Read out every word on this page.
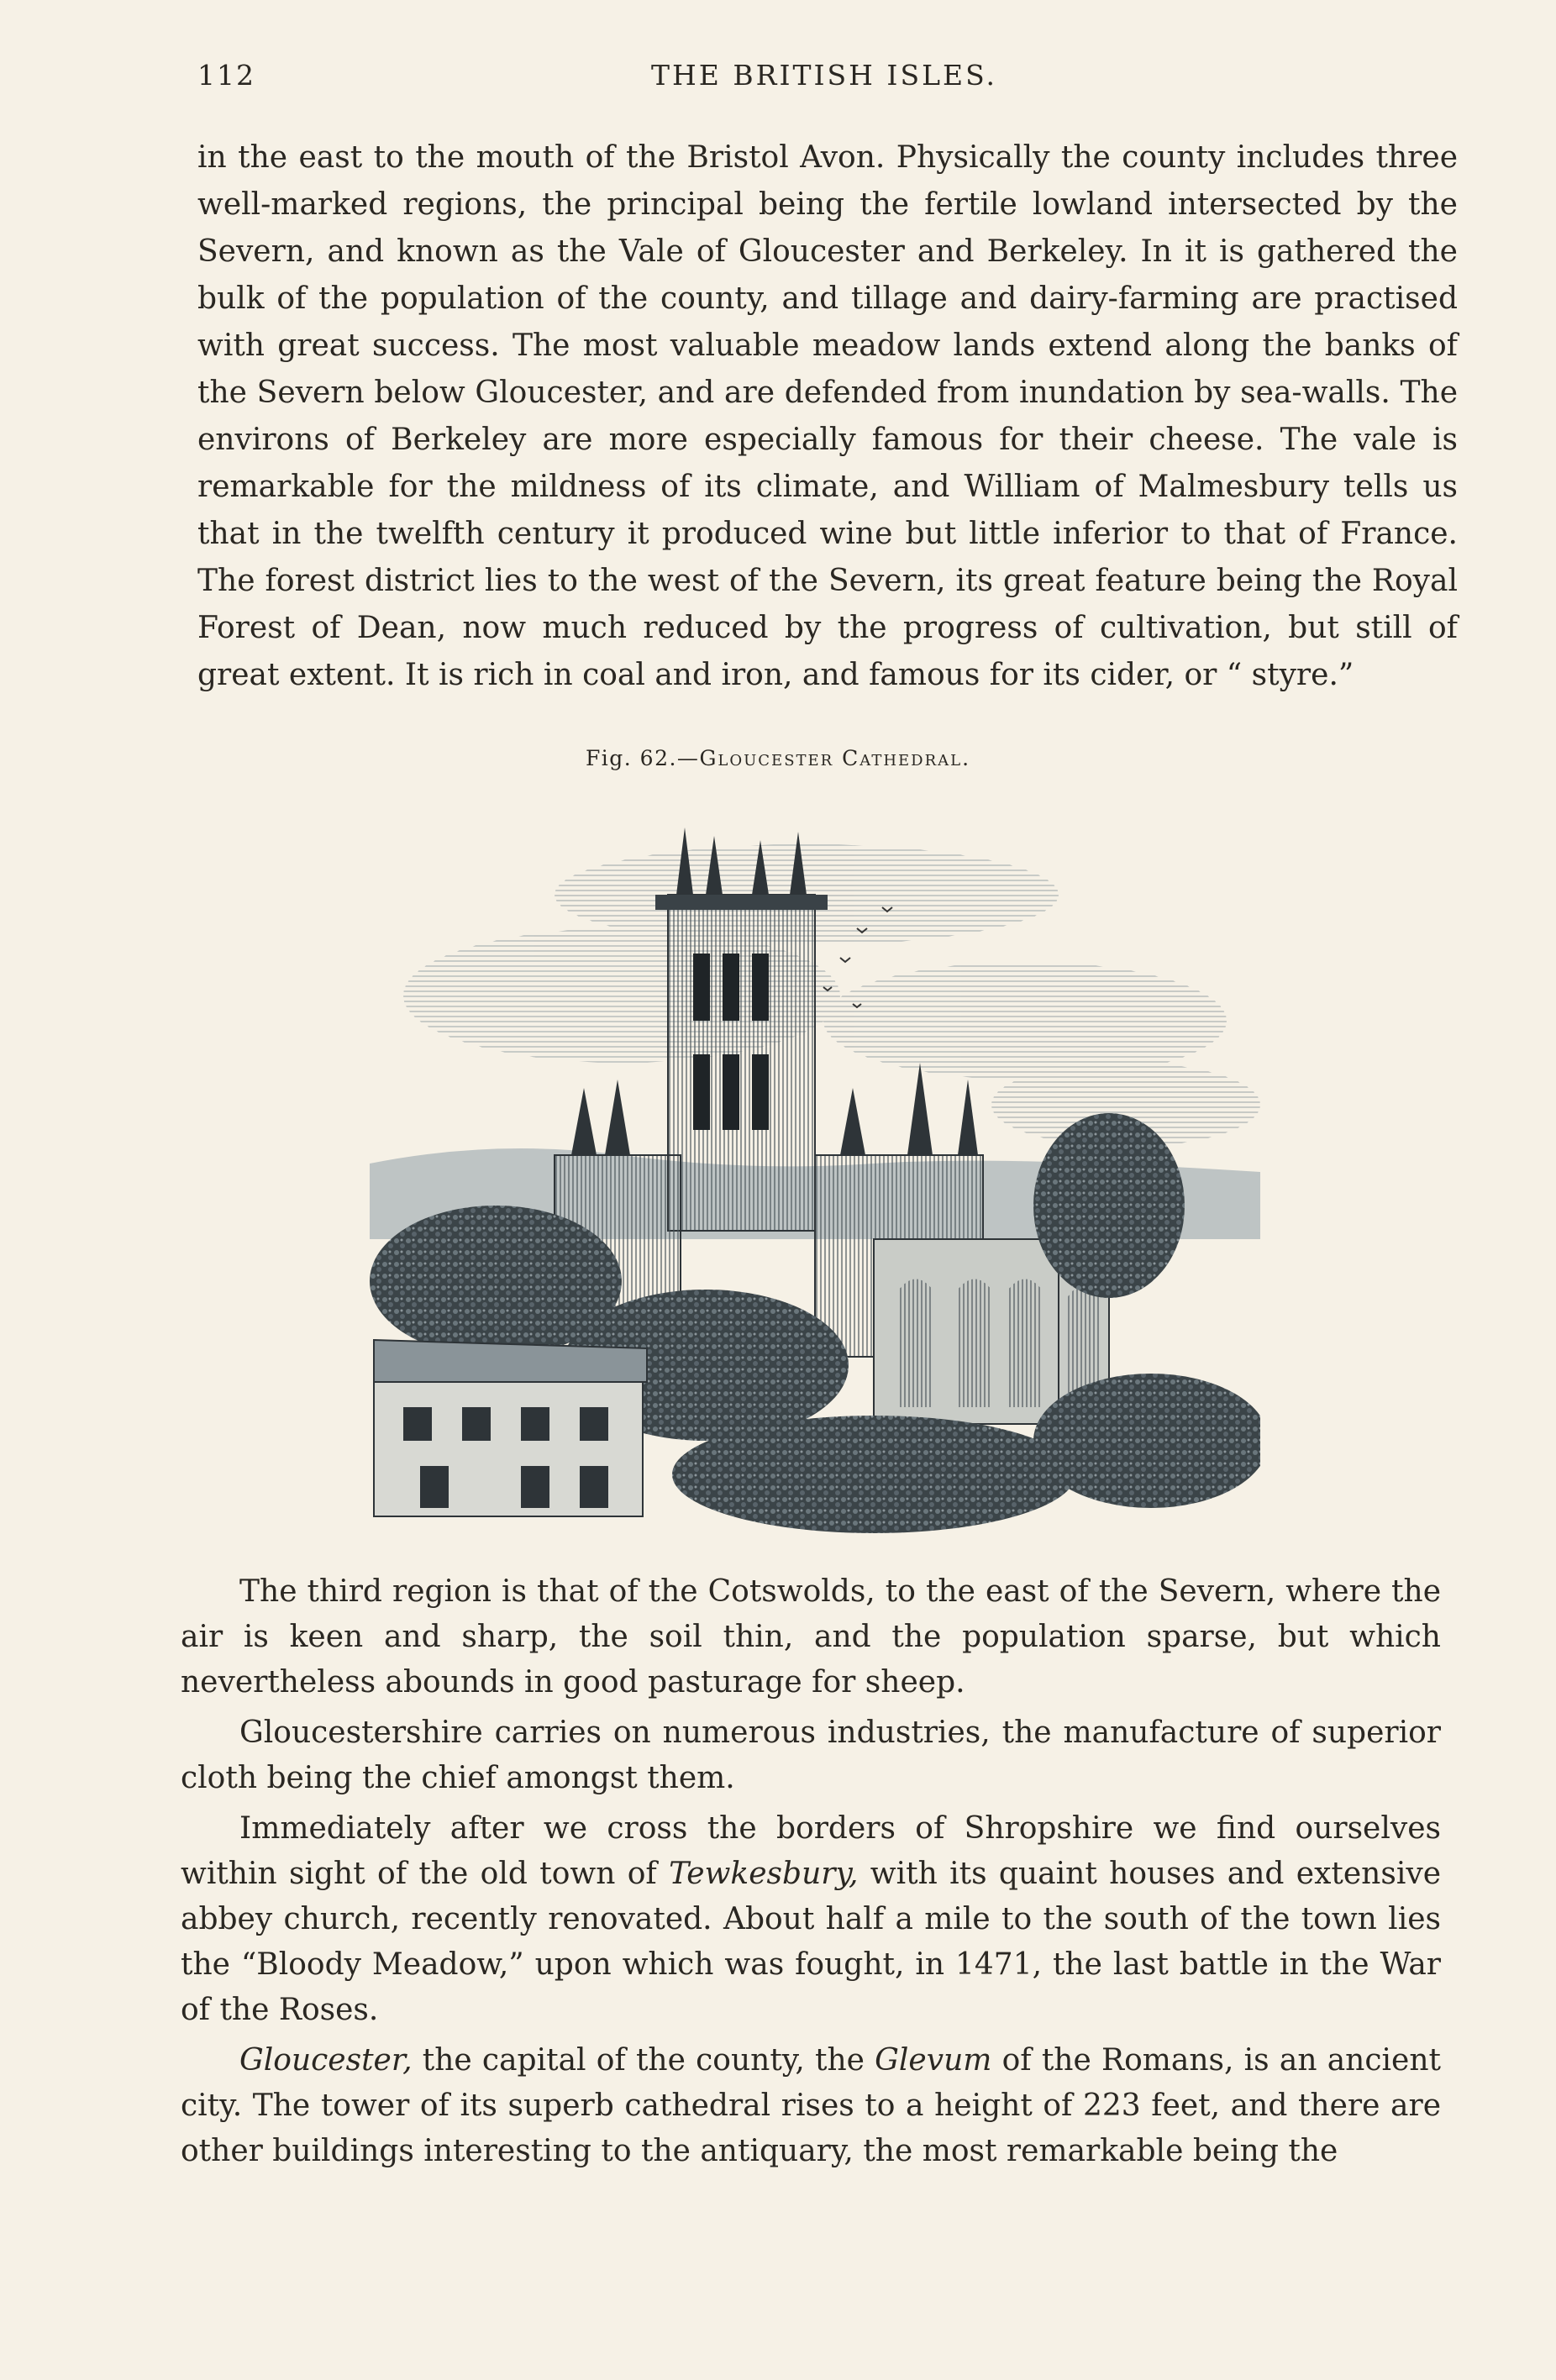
112	THE BRITISH ISLES.

in the east to the mouth of the Bristol Avon. Physically the county includes three well-marked regions, the principal being the fertile lowland intersected by the Severn, and known as the Vale of Gloucester and Berkeley. In it is gathered the bulk of the population of the county, and tillage and dairy-farming are practised with great success. The most valuable meadow lands extend along the banks of the Severn below Gloucester, and are defended from inundation by sea-walls. The environs of Berkeley are more especially famous for their cheese. The vale is remarkable for the mildness of its climate, and William of Malmesbury tells us that in the twelfth century it produced wine but little inferior to that of France. The forest district lies to the west of the Severn, its great feature being the Royal Forest of Dean, now much reduced by the progress of cultivation, but still of great extent. It is rich in coal and iron, and famous for its cider, or “ styre.”

Fig. 62.—Gloucester Cathedral.

The third region is that of the Cotswolds, to the east of the Severn, where the air is keen and sharp, the soil thin, and the population sparse, but which nevertheless abounds in good pasturage for sheep.

Gloucestershire carries on numerous industries, the manufacture of superior cloth being the chief amongst them.

Immediately after we cross the borders of Shropshire we find ourselves within sight of the old town of Tewkesbury, with its quaint houses and extensive abbey church, recently renovated. About half a mile to the south of the town lies the “Bloody Meadow,” upon which was fought, in 1471, the last battle in the War of the Roses.

Gloucester, the capital of the county, the Glevum of the Romans, is an ancient city. The tower of its superb cathedral rises to a height of 223 feet, and there are other buildings interesting to the antiquary, the most remarkable being the
